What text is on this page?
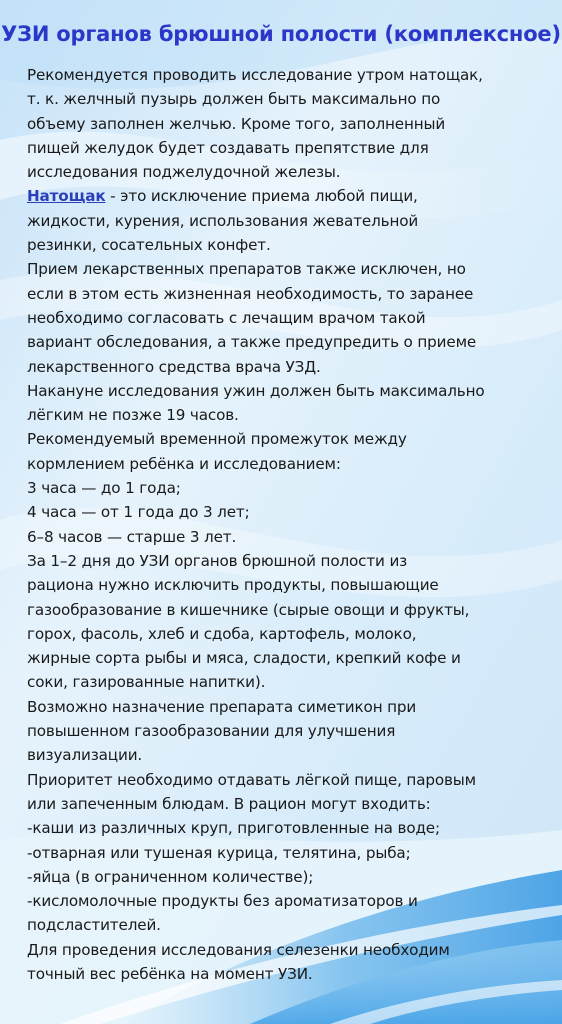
УЗИ органов брюшной полости (комплексное)
Рекомендуется проводить исследование утром натощак,
т. к. желчный пузырь должен быть максимально по
объему заполнен желчью. Кроме того, заполненный
пищей желудок будет создавать препятствие для
исследования поджелудочной железы.
Натощак - это исключение приема любой пищи,
жидкости, курения, использования жевательной
резинки, сосательных конфет.
Прием лекарственных препаратов также исключен, но
если в этом есть жизненная необходимость, то заранее
необходимо согласовать с лечащим врачом такой
вариант обследования, а также предупредить о приеме
лекарственного средства врача УЗД.
Накануне исследования ужин должен быть максимально
лёгким не позже 19 часов.
Рекомендуемый временной промежуток между
кормлением ребёнка и исследованием:
3 часа — до 1 года;
4 часа — от 1 года до 3 лет;
6–8 часов — старше 3 лет.
За 1–2 дня до УЗИ органов брюшной полости из
рациона нужно исключить продукты, повышающие
газообразование в кишечнике (сырые овощи и фрукты,
горох, фасоль, хлеб и сдоба, картофель, молоко,
жирные сорта рыбы и мяса, сладости, крепкий кофе и
соки, газированные напитки).
Возможно назначение препарата симетикон при
повышенном газообразовании для улучшения
визуализации.
Приоритет необходимо отдавать лёгкой пище, паровым
или запеченным блюдам. В рацион могут входить:
-каши из различных круп, приготовленные на воде;
-отварная или тушеная курица, телятина, рыба;
-яйца (в ограниченном количестве);
-кисломолочные продукты без ароматизаторов и
подсластителей.
Для проведения исследования селезенки необходим
точный вес ребёнка на момент УЗИ.
